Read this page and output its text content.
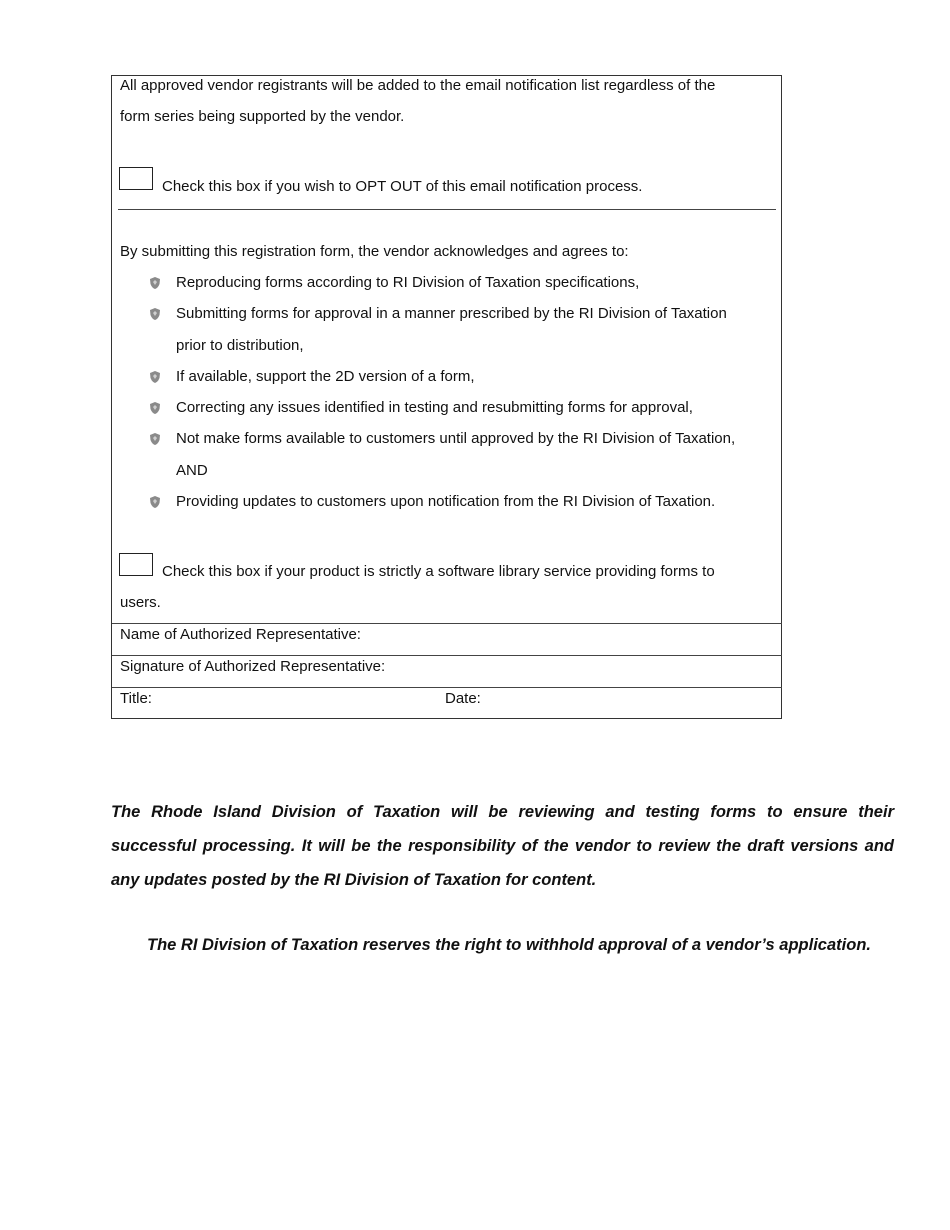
All approved vendor registrants will be added to the email notification list regardless of the
form series being supported by the vendor.
Check this box if you wish to OPT OUT of this email notification process.
By submitting this registration form, the vendor acknowledges and agrees to:
Reproducing forms according to RI Division of Taxation specifications,
Submitting forms for approval in a manner prescribed by the RI Division of Taxation
prior to distribution,
If available, support the 2D version of a form,
Correcting any issues identified in testing and resubmitting forms for approval,
Not make forms available to customers until approved by the RI Division of Taxation,
AND
Providing updates to customers upon notification from the RI Division of Taxation.
Check this box if your product is strictly a software library service providing forms to
users.
Name of Authorized Representative:
Signature of Authorized Representative:
Title:	Date:
The Rhode Island Division of Taxation will be reviewing and testing forms to ensure their successful processing. It will be the responsibility of the vendor to review the draft versions and any updates posted by the RI Division of Taxation for content.
The RI Division of Taxation reserves the right to withhold approval of a vendor’s application.
